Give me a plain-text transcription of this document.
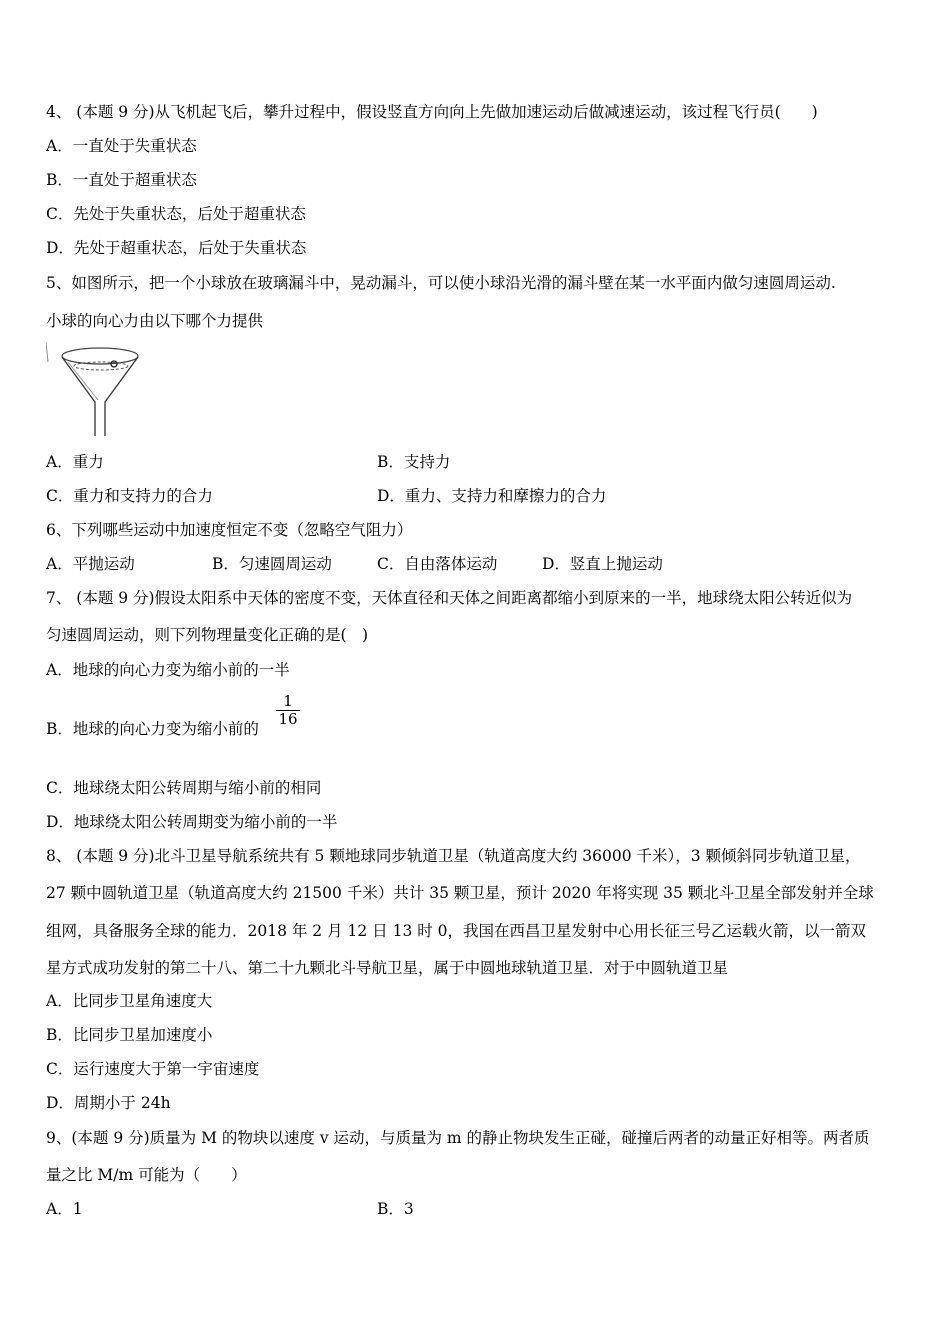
4、 (本题 9 分)从飞机起飞后，攀升过程中，假设竖直方向向上先做加速运动后做减速运动，该过程飞行员(　　)
A．一直处于失重状态
B．一直处于超重状态
C．先处于失重状态，后处于超重状态
D．先处于超重状态，后处于失重状态
5、如图所示，把一个小球放在玻璃漏斗中，晃动漏斗，可以使小球沿光滑的漏斗壁在某一水平面内做匀速圆周运动.
小球的向心力由以下哪个力提供
A．重力	B．支持力
C．重力和支持力的合力	D．重力、支持力和摩擦力的合力
6、下列哪些运动中加速度恒定不变（忽略空气阻力）
A．平抛运动	B．匀速圆周运动	C．自由落体运动	D．竖直上抛运动
7、 (本题 9 分)假设太阳系中天体的密度不变，天体直径和天体之间距离都缩小到原来的一半，地球绕太阳公转近似为
匀速圆周运动，则下列物理量变化正确的是(　)
A．地球的向心力变为缩小前的一半
B．地球的向心力变为缩小前的
$\frac{1}{16}$
C．地球绕太阳公转周期与缩小前的相同
D．地球绕太阳公转周期变为缩小前的一半
8、 (本题 9 分)北斗卫星导航系统共有 5 颗地球同步轨道卫星（轨道高度大约 36000 千米），3 颗倾斜同步轨道卫星，
27 颗中圆轨道卫星（轨道高度大约 21500 千米）共计 35 颗卫星，预计 2020 年将实现 35 颗北斗卫星全部发射并全球
组网，具备服务全球的能力．2018 年 2 月 12 日 13 时 0，我国在西昌卫星发射中心用长征三号乙运载火箭，以一箭双
星方式成功发射的第二十八、第二十九颗北斗导航卫星，属于中圆地球轨道卫星．对于中圆轨道卫星
A．比同步卫星角速度大
B．比同步卫星加速度小
C．运行速度大于第一宇宙速度
D．周期小于 24h
9、(本题 9 分)质量为 M 的物块以速度 v 运动，与质量为 m 的静止物块发生正碰，碰撞后两者的动量正好相等。两者质
量之比 M/m 可能为（　　）
A．1	B．3
